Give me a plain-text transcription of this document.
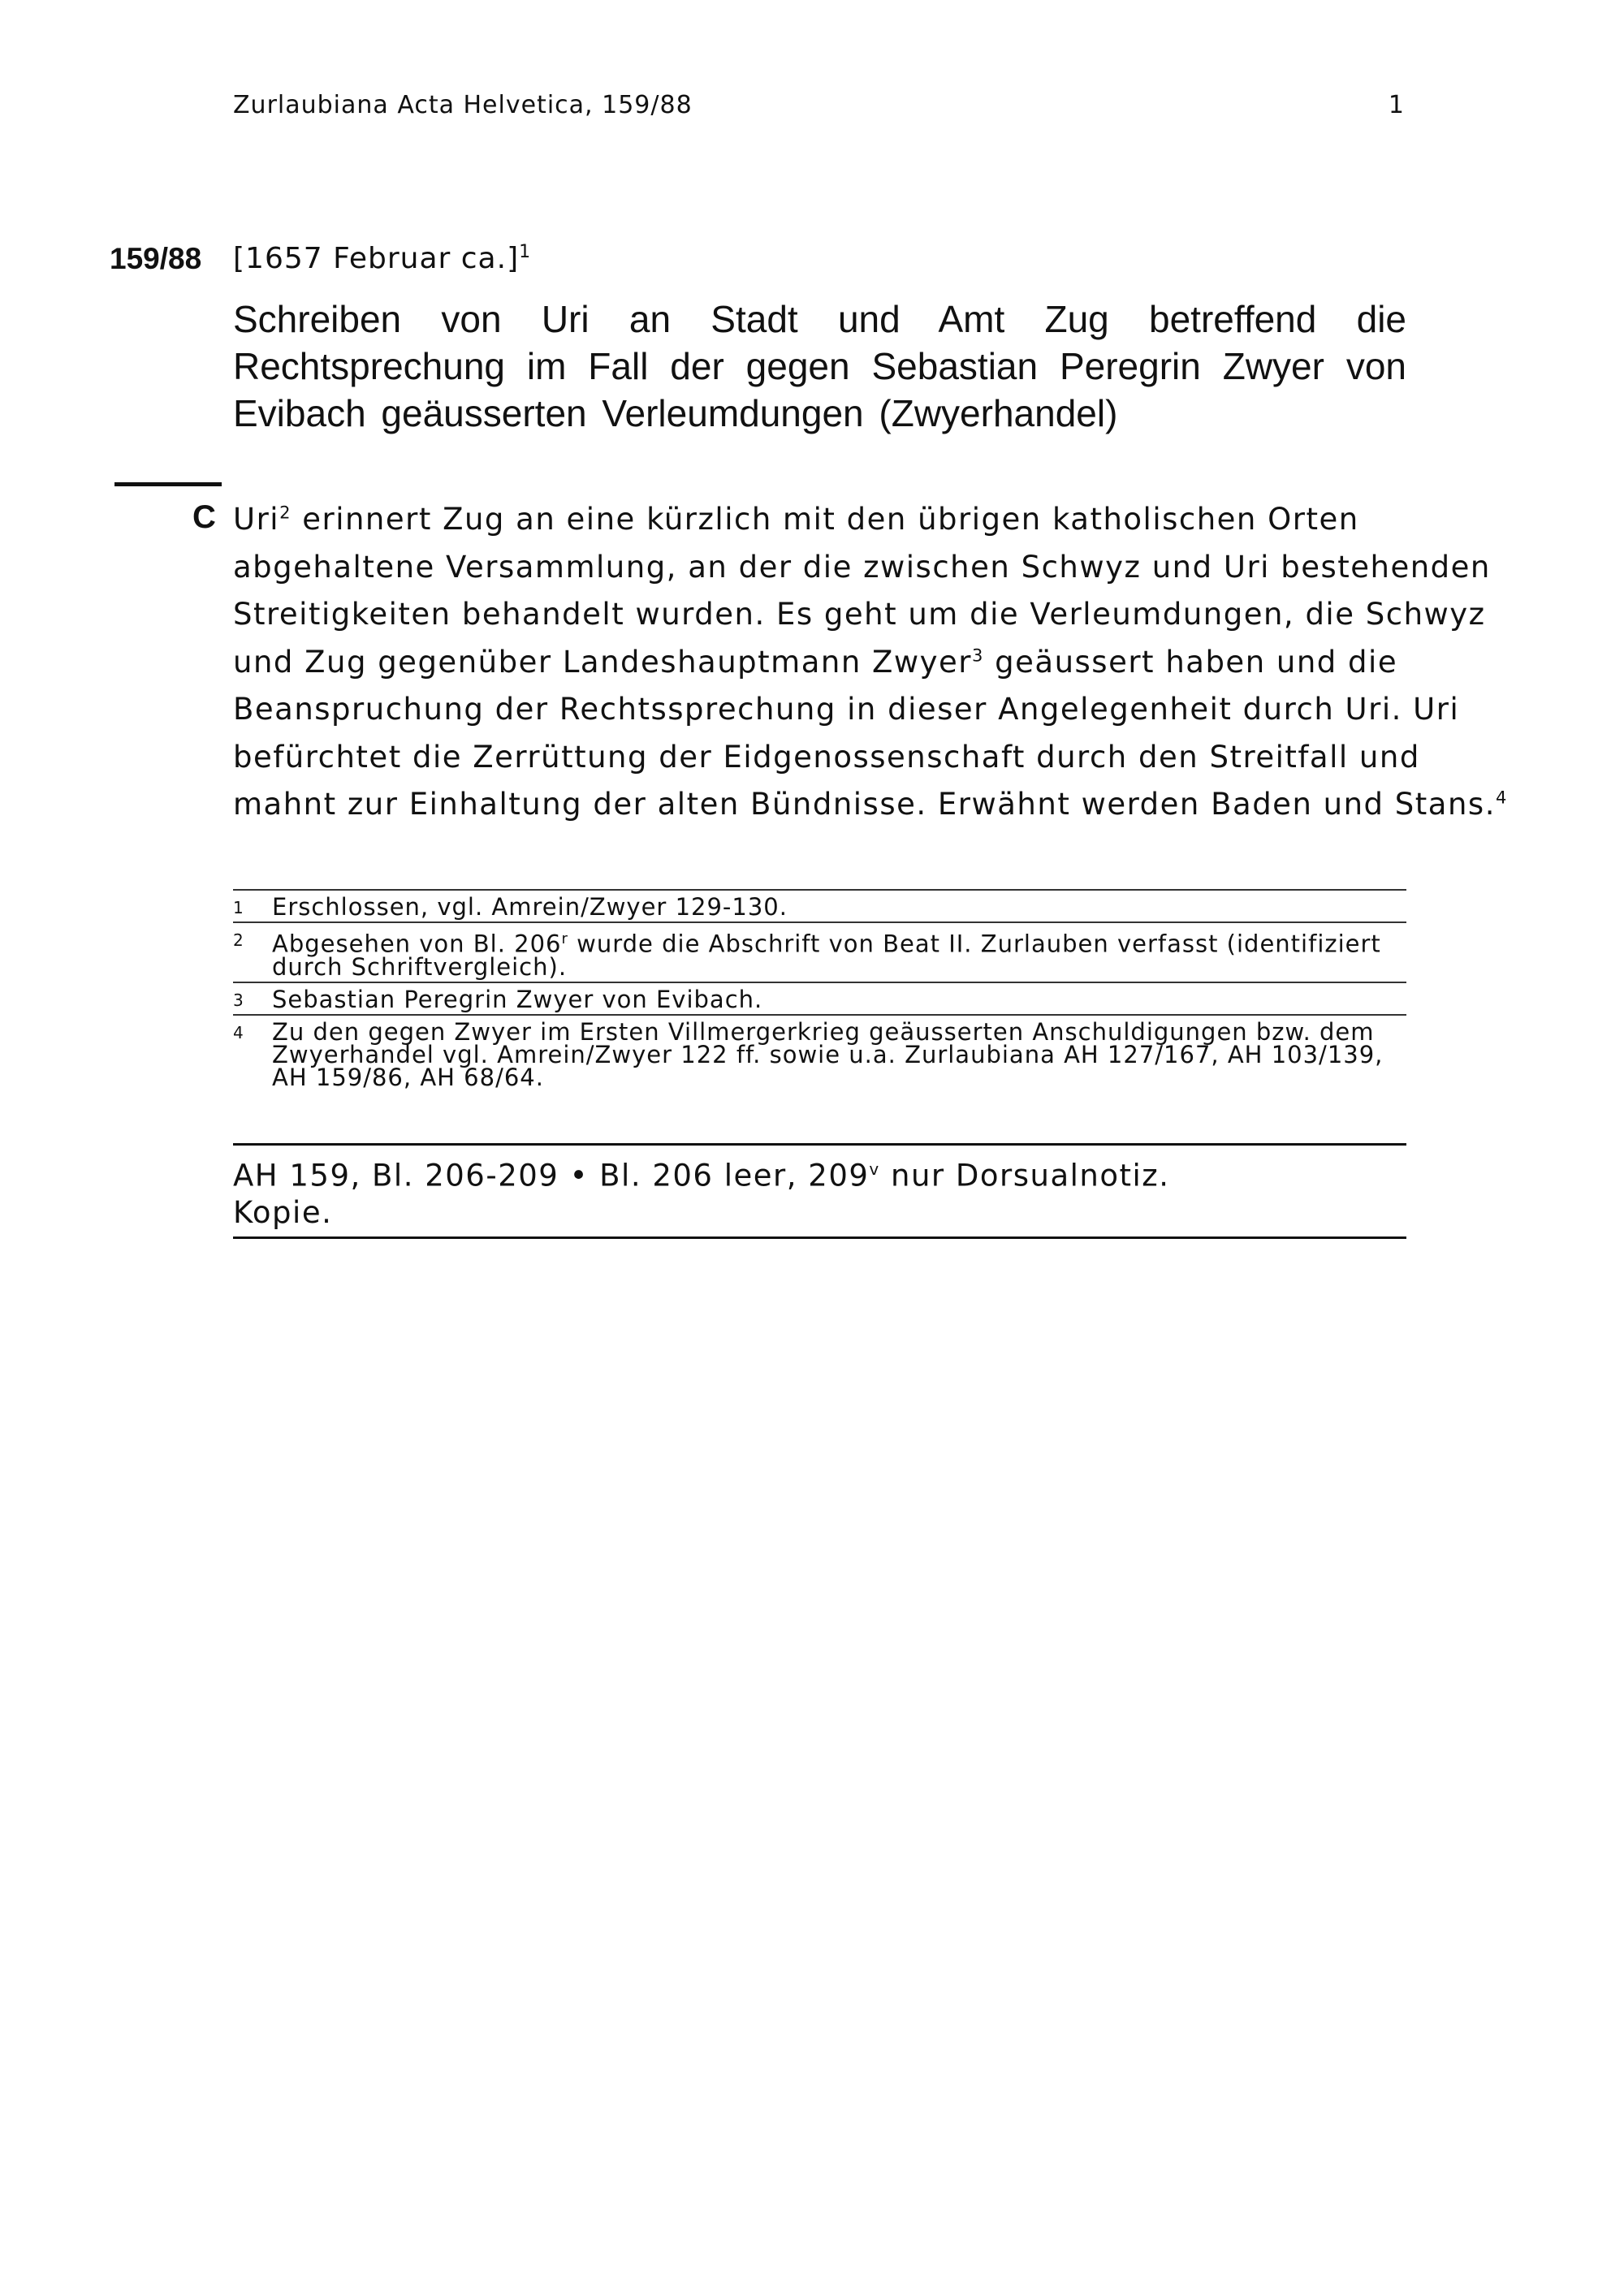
Zurlaubiana Acta Helvetica, 159/88	1
159/88 [1657 Februar ca.]$^1$
Schreiben von Uri an Stadt und Amt Zug betreffend die Rechtsprechung im Fall der gegen Sebastian Peregrin Zwyer von Evibach geäusserten Verleumdungen (Zwyerhandel)
C Uri$^2$ erinnert Zug an eine kürzlich mit den übrigen katholischen Orten
abgehaltene Versammlung, an der die zwischen Schwyz und Uri bestehenden
Streitigkeiten behandelt wurden. Es geht um die Verleumdungen, die Schwyz
und Zug gegenüber Landeshauptmann Zwyer$^3$ geäussert haben und die
Beanspruchung der Rechtssprechung in dieser Angelegenheit durch Uri. Uri
befürchtet die Zerrüttung der Eidgenossenschaft durch den Streitfall und
mahnt zur Einhaltung der alten Bündnisse. Erwähnt werden Baden und Stans.$^4$
1 Erschlossen, vgl. Amrein/Zwyer 129-130.
2 Abgesehen von Bl. 206$^r$ wurde die Abschrift von Beat II. Zurlauben verfasst (identifiziert
durch Schriftvergleich).
3 Sebastian Peregrin Zwyer von Evibach.
4 Zu den gegen Zwyer im Ersten Villmergerkrieg geäusserten Anschuldigungen bzw. dem
Zwyerhandel vgl. Amrein/Zwyer 122 ff. sowie u.a. Zurlaubiana AH 127/167, AH 103/139,
AH 159/86, AH 68/64.
AH 159, Bl. 206-209 • Bl. 206 leer, 209$^v$ nur Dorsualnotiz.
Kopie.
